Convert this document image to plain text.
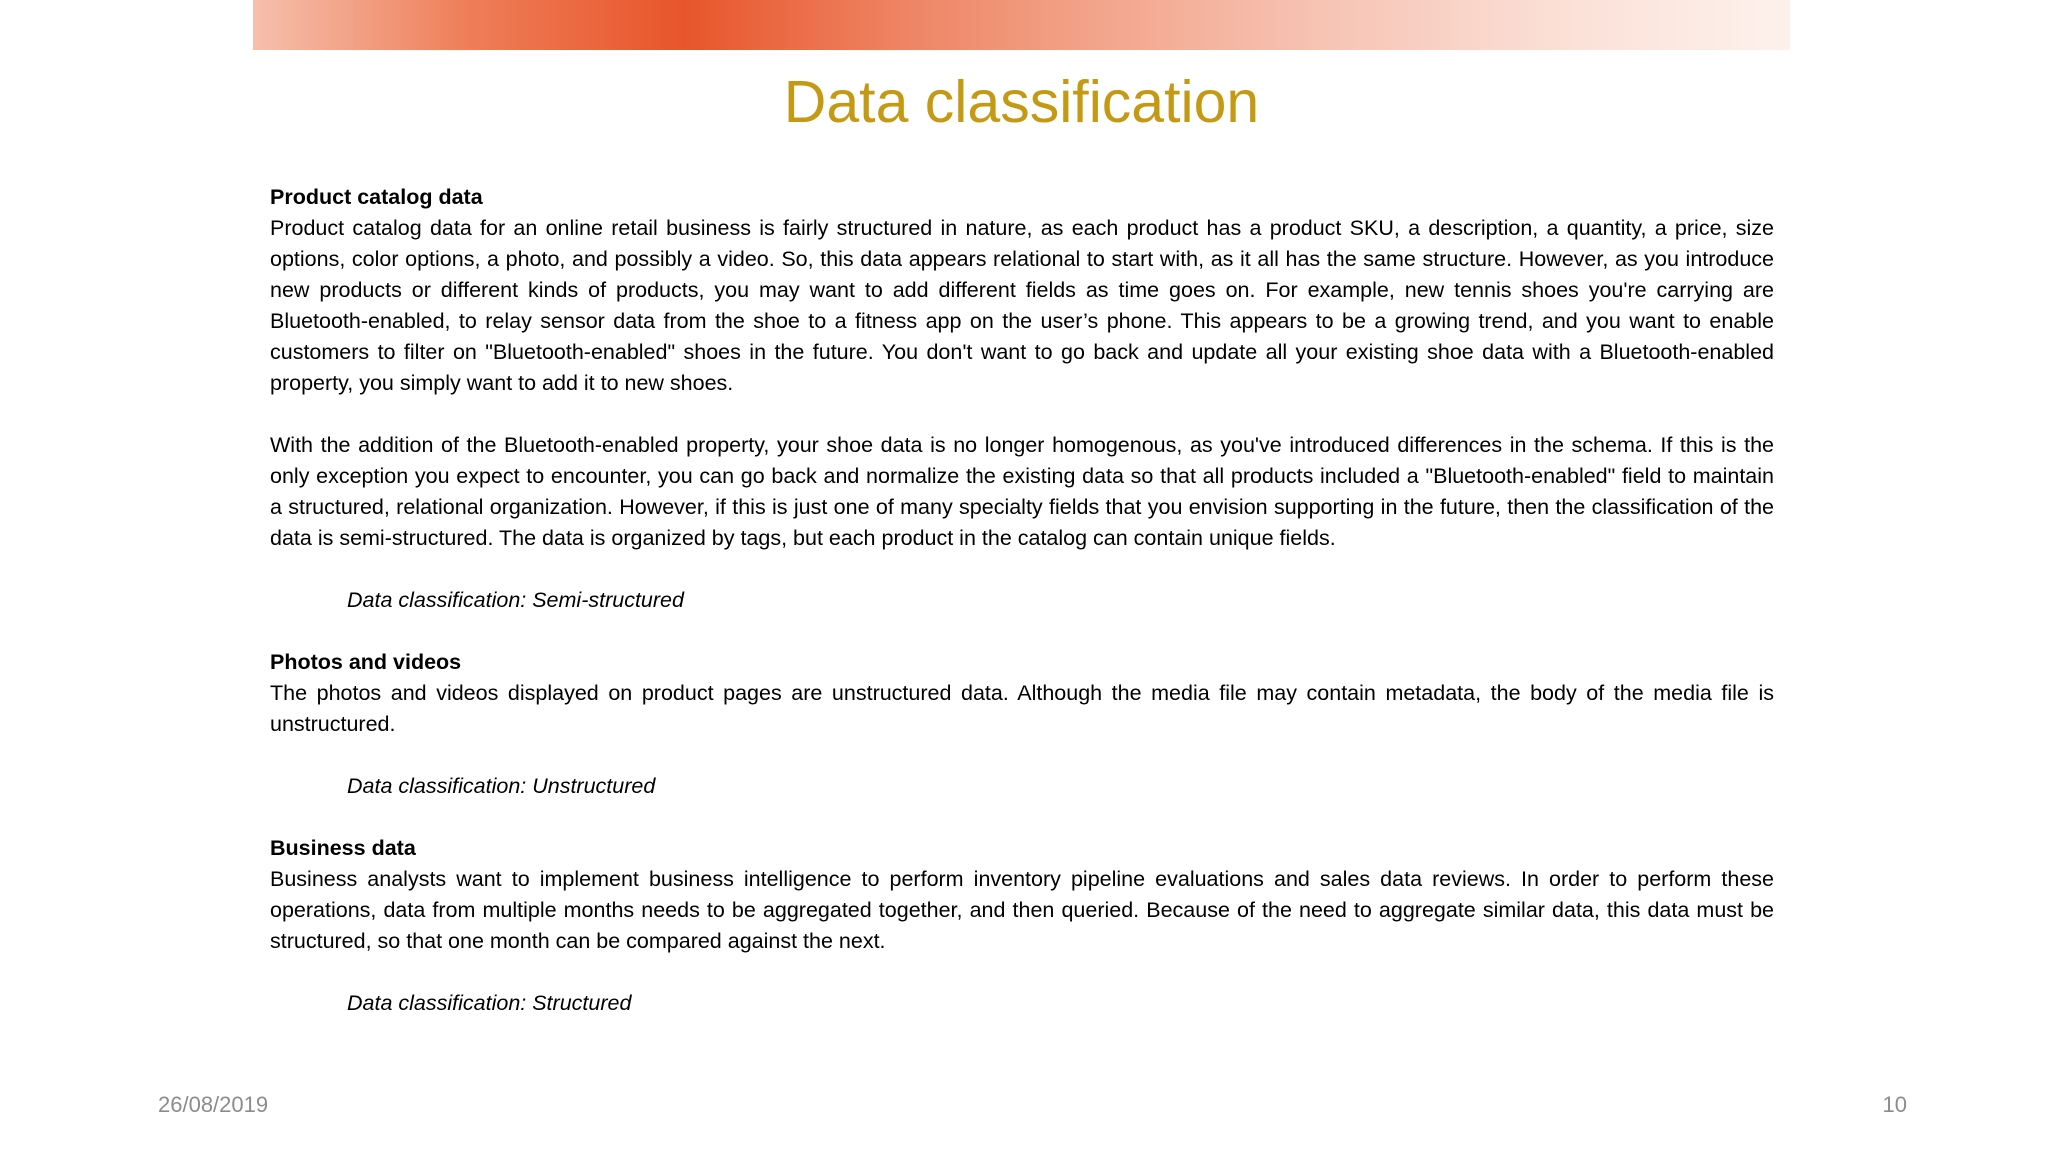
Data classification

Product catalog data

Product catalog data for an online retail business is fairly structured in nature, as each product has a product SKU, a description, a quantity, a price, size options, color options, a photo, and possibly a video. So, this data appears relational to start with, as it all has the same structure. However, as you introduce new products or different kinds of products, you may want to add different fields as time goes on. For example, new tennis shoes you're carrying are Bluetooth-enabled, to relay sensor data from the shoe to a fitness app on the user’s phone. This appears to be a growing trend, and you want to enable customers to filter on "Bluetooth-enabled" shoes in the future. You don't want to go back and update all your existing shoe data with a Bluetooth-enabled property, you simply want to add it to new shoes.

With the addition of the Bluetooth-enabled property, your shoe data is no longer homogenous, as you've introduced differences in the schema. If this is the only exception you expect to encounter, you can go back and normalize the existing data so that all products included a "Bluetooth-enabled" field to maintain a structured, relational organization. However, if this is just one of many specialty fields that you envision supporting in the future, then the classification of the data is semi-structured. The data is organized by tags, but each product in the catalog can contain unique fields.

Data classification: Semi-structured

Photos and videos

The photos and videos displayed on product pages are unstructured data. Although the media file may contain metadata, the body of the media file is unstructured.

Data classification: Unstructured

Business data

Business analysts want to implement business intelligence to perform inventory pipeline evaluations and sales data reviews. In order to perform these operations, data from multiple months needs to be aggregated together, and then queried. Because of the need to aggregate similar data, this data must be structured, so that one month can be compared against the next.

Data classification: Structured

26/08/2019	10
